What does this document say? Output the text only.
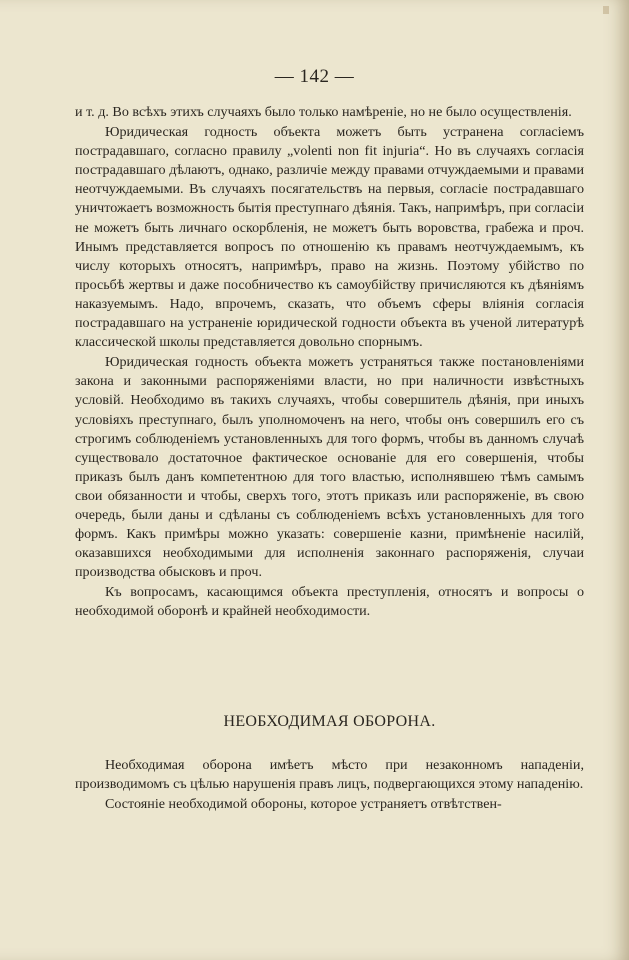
— 142 —

и т. д. Во всѣхъ этихъ случаяхъ было только намѣреніе, но не было осуществленія.

Юридическая годность объекта можетъ быть устранена согласіемъ пострадавшаго, согласно правилу „volenti non fit injuria“. Но въ случаяхъ согласія пострадавшаго дѣлаютъ, однако, различіе между правами отчуждаемыми и правами неотчуждаемыми. Въ случаяхъ посягательствъ на первыя, согласіе пострадавшаго уничтожаетъ возможность бытія преступнаго дѣянія. Такъ, напримѣръ, при согласіи не можетъ быть личнаго оскорбленія, не можетъ быть воровства, грабежа и проч. Инымъ представляется вопросъ по отношенію къ правамъ неотчуждаемымъ, къ числу которыхъ относятъ, напримѣръ, право на жизнь. Поэтому убійство по просьбѣ жертвы и даже пособничество къ самоубійству причисляются къ дѣяніямъ наказуемымъ. Надо, впрочемъ, сказать, что объемъ сферы вліянія согласія пострадавшаго на устраненіе юридической годности объекта въ ученой литературѣ классической школы представляется довольно спорнымъ.

Юридическая годность объекта можетъ устраняться также постановленіями закона и законными распоряженіями власти, но при наличности извѣстныхъ условій. Необходимо въ такихъ случаяхъ, чтобы совершитель дѣянія, при иныхъ условіяхъ преступнаго, былъ уполномоченъ на него, чтобы онъ совершилъ его съ строгимъ соблюденіемъ установленныхъ для того формъ, чтобы въ данномъ случаѣ существовало достаточное фактическое основаніе для его совершенія, чтобы приказъ былъ данъ компетентною для того властью, исполнявшею тѣмъ самымъ свои обязанности и чтобы, сверхъ того, этотъ приказъ или распоряженіе, въ свою очередь, были даны и сдѣланы съ соблюденіемъ всѣхъ установленныхъ для того формъ. Какъ примѣры можно указать: совершеніе казни, примѣненіе насилій, оказавшихся необходимыми для исполненія законнаго распоряженія, случаи производства обысковъ и проч.

Къ вопросамъ, касающимся объекта преступленія, относятъ и вопросы о необходимой оборонѣ и крайней необходимости.

НЕОБХОДИМАЯ ОБОРОНА.

Необходимая оборона имѣетъ мѣсто при незаконномъ нападеніи, производимомъ съ цѣлью нарушенія правъ лицъ, подвергающихся этому нападенію.

Состояніе необходимой обороны, которое устраняетъ отвѣтствен-
